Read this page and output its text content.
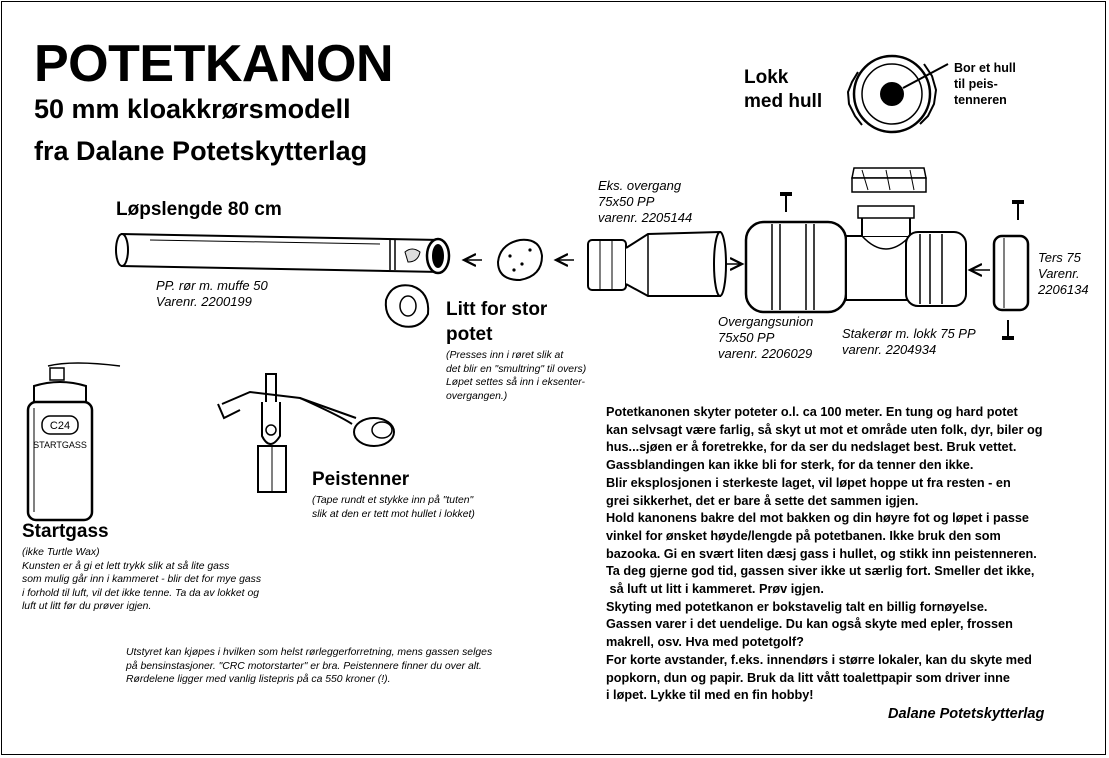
POTETKANON
50 mm kloakkrørsmodell
fra Dalane Potetskytterlag
C24
STARTGASS
Lokk
med hull
Bor et hull
til peis-
tenneren
Løpslengde 80 cm
PP. rør m. muffe 50
Varenr. 2200199
Eks. overgang
75x50 PP
varenr. 2205144
Overgangsunion
75x50 PP
varenr. 2206029
Stakerør m. lokk 75 PP
varenr. 2204934
Ters 75
Varenr.
2206134
Litt for stor
potet
(Presses inn i røret slik at
det blir en "smultring" til overs)
Løpet settes så inn i eksenter-
overgangen.)
Peistenner
(Tape rundt et stykke inn på "tuten"
slik at den er tett mot hullet i lokket)
Startgass
(ikke Turtle Wax)
Kunsten er å gi et lett trykk slik at så lite gass
som mulig går inn i kammeret - blir det for mye gass
i forhold til luft, vil det ikke tenne. Ta da av lokket og
luft ut litt før du prøver igjen.
Utstyret kan kjøpes i hvilken som helst rørleggerforretning, mens gassen selges
på bensinstasjoner. "CRC motorstarter" er bra. Peistennere finner du over alt.
Rørdelene ligger med vanlig listepris på ca 550 kroner (!).
Potetkanonen skyter poteter o.l. ca 100 meter. En tung og hard potet
kan selvsagt være farlig, så skyt ut mot et område uten folk, dyr, biler og
hus...sjøen er å foretrekke, for da ser du nedslaget best. Bruk vettet.
Gassblandingen kan ikke bli for sterk, for da tenner den ikke.
Blir eksplosjonen i sterkeste laget, vil løpet hoppe ut fra resten - en
grei sikkerhet, det er bare å sette det sammen igjen.
Hold kanonens bakre del mot bakken og din høyre fot og løpet i passe
vinkel for ønsket høyde/lengde på potetbanen. Ikke bruk den som
bazooka. Gi en svært liten dæsj gass i hullet, og stikk inn peistenneren.
Ta deg gjerne god tid, gassen siver ikke ut særlig fort. Smeller det ikke,
så luft ut litt i kammeret. Prøv igjen.
Skyting med potetkanon er bokstavelig talt en billig fornøyelse.
Gassen varer i det uendelige. Du kan også skyte med epler, frossen
makrell, osv. Hva med potetgolf?
For korte avstander, f.eks. innendørs i større lokaler, kan du skyte med
popkorn, dun og papir. Bruk da litt vått toalettpapir som driver inne
i løpet. Lykke til med en fin hobby!
Dalane Potetskytterlag
